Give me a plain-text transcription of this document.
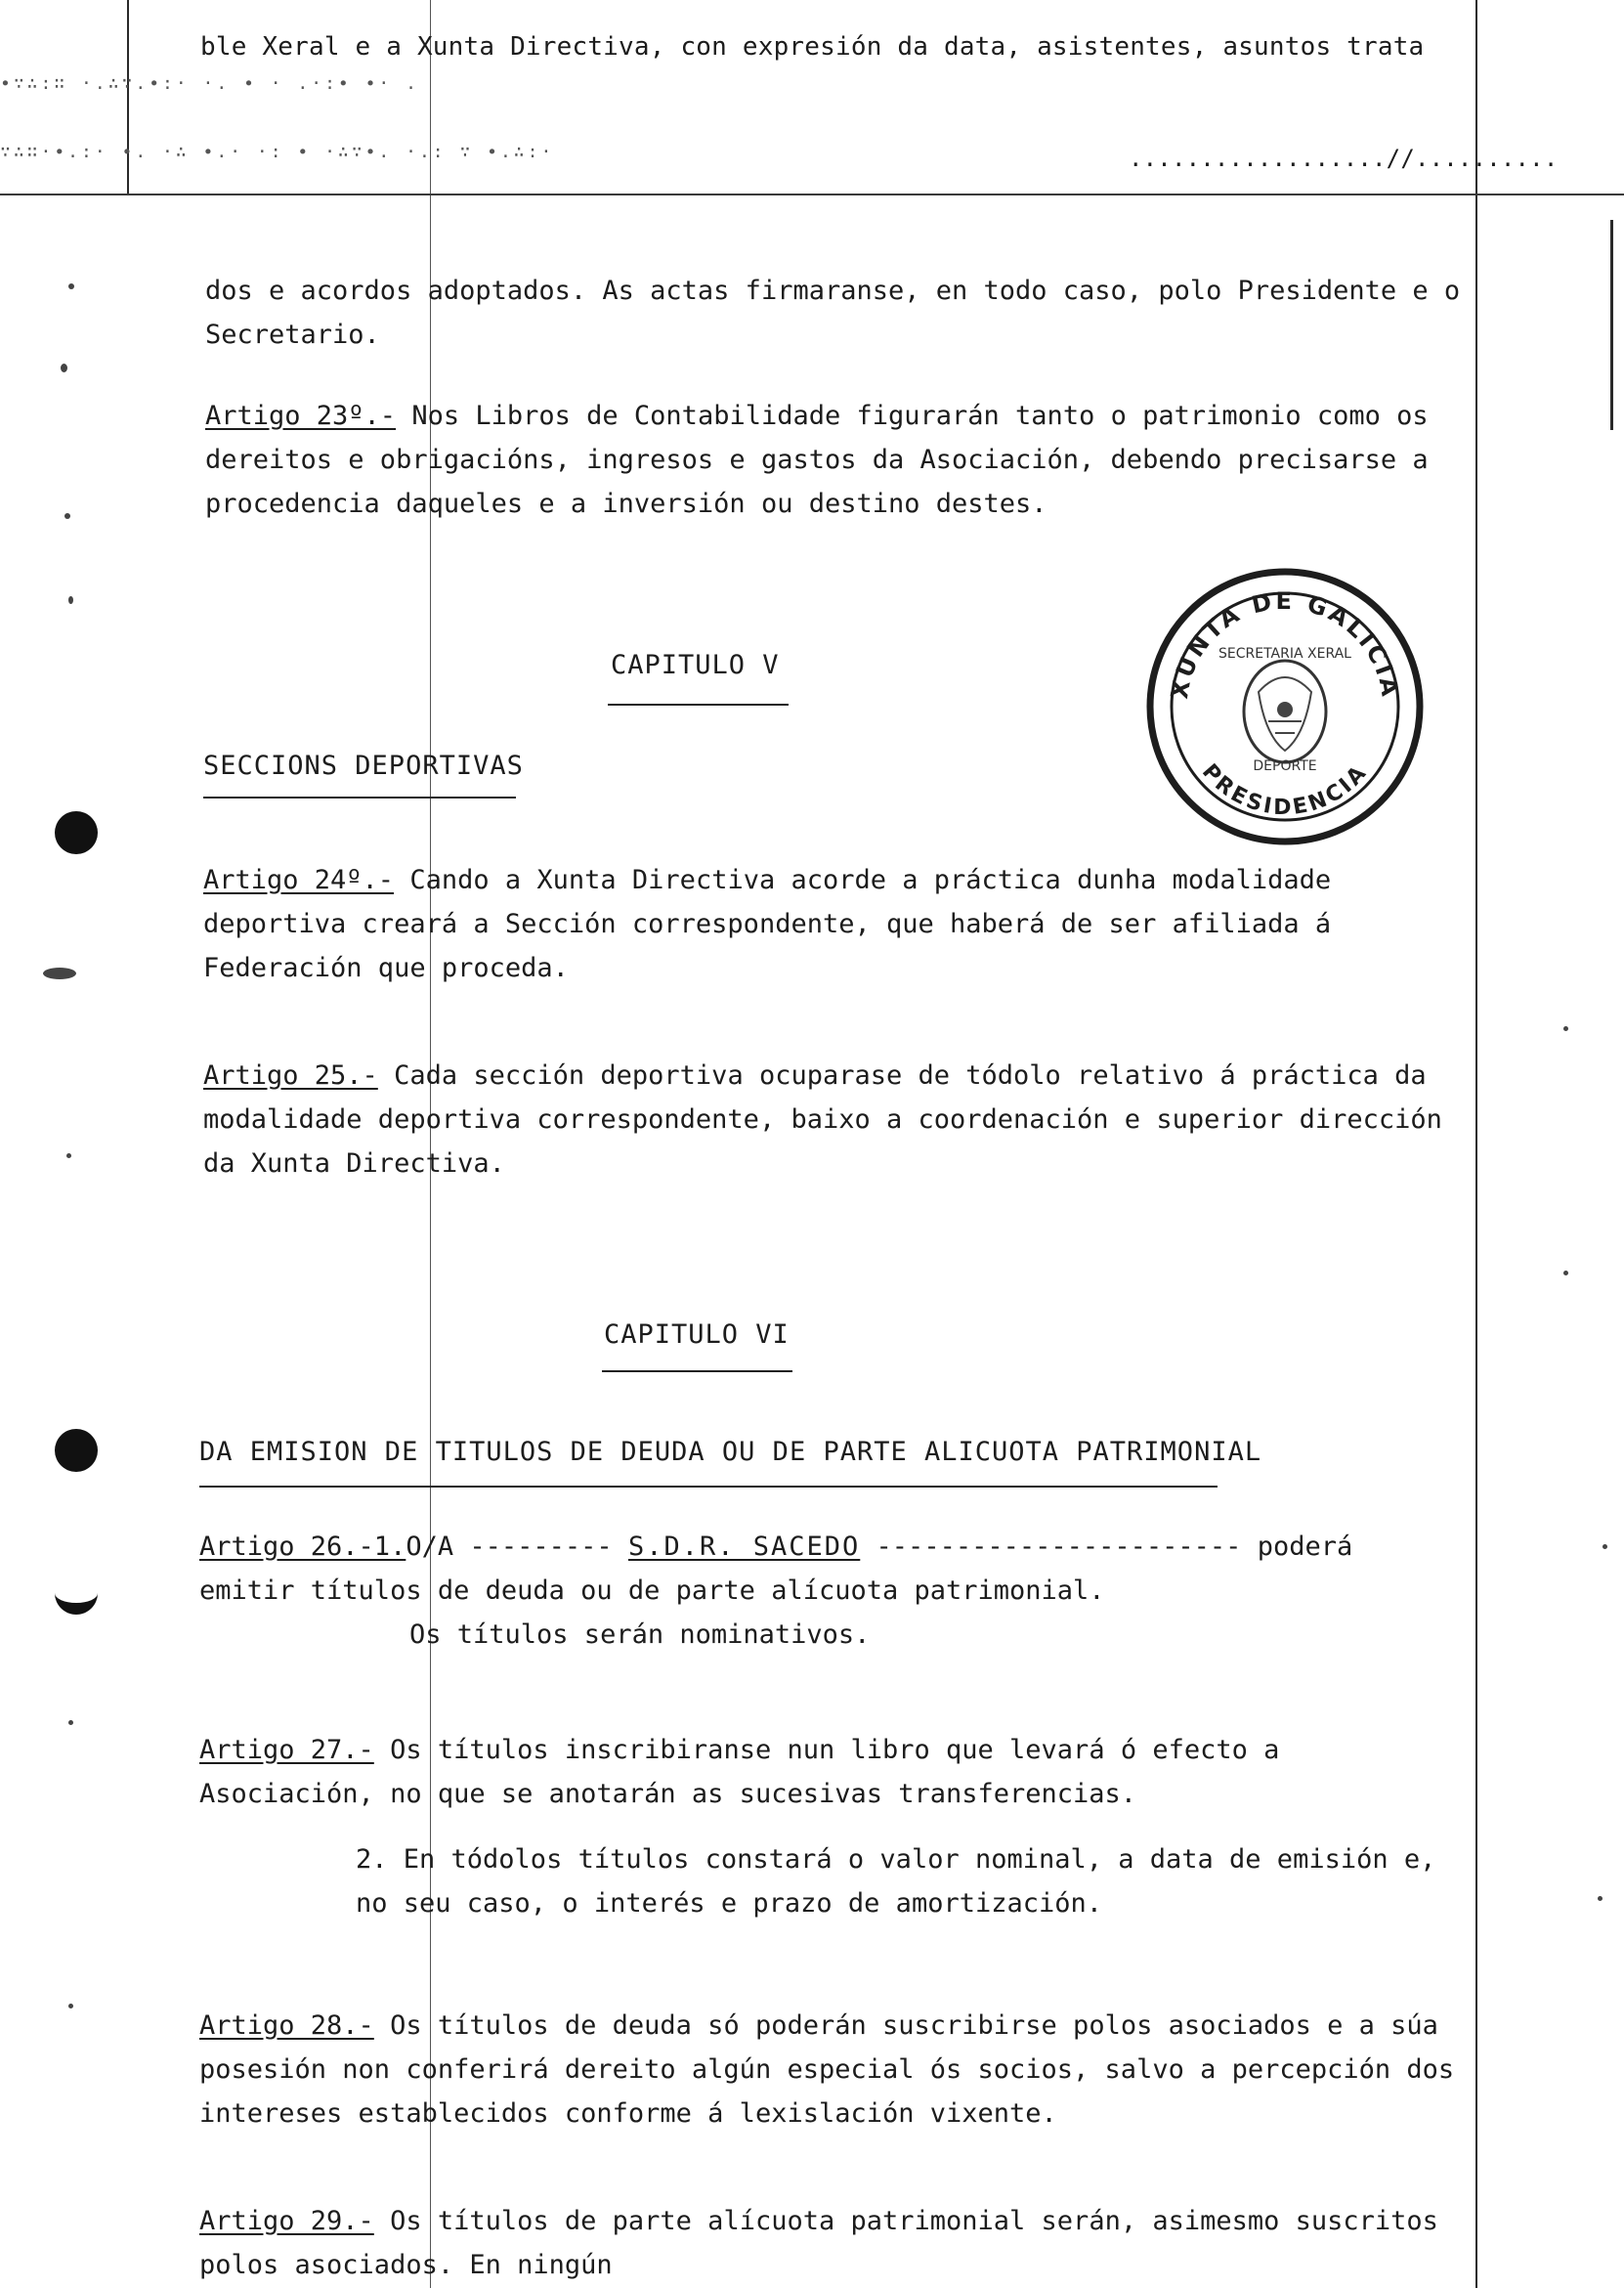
ble Xeral e a Xunta Directiva, con expresión da data, asistentes, asuntos trata
∙∵∴:∷ ·.∴∵.∙:· ·. ∙ · .·:∙ ∙· .
∵∴∷·∙.:· ∙. ·∴ ∙.· ·: ∙ ·∴∵∙. ·.: ∵ ∙.∴:·	..................//..........

dos e acordos adoptados. As actas firmaranse, en todo caso, polo Presidente e o Secretario.

Artigo 23º.- Nos Libros de Contabilidade figurarán tanto o patrimonio como os dereitos e obrigacións, ingresos e gastos da Asociación, debendo precisarse a procedencia daqueles e a inversión ou destino destes.

CAPITULO V
SECCIONS DEPORTIVAS

Artigo 24º.- Cando a Xunta Directiva acorde a práctica dunha modalidade deportiva creará a Sección correspondente, que haberá de ser afiliada á Federación que proceda.

Artigo 25.- Cada sección deportiva ocuparase de tódolo relativo á práctica da modalidade deportiva correspondente, baixo a coordenación e superior dirección da Xunta Directiva.

CAPITULO VI
DA EMISION DE TITULOS DE DEUDA OU DE PARTE ALICUOTA PATRIMONIAL

Artigo 26.-1.O/A --------- S.D.R. SACEDO ----------------------- poderá emitir títulos de deuda ou de parte alícuota patrimonial.

Os títulos serán nominativos.

Artigo 27.- Os títulos inscribiranse nun libro que levará ó efecto a Asociación, no que se anotarán as sucesivas transferencias.

2. En tódolos títulos constará o valor nominal, a data de emisión e, no seu caso, o interés e prazo de amortización.

Artigo 28.- Os títulos de deuda só poderán suscribirse polos asociados e a súa posesión non conferirá dereito algún especial ós socios, salvo a percepción dos intereses establecidos conforme á lexislación vixente.

Artigo 29.- Os títulos de parte alícuota patrimonial serán, asimesmo suscritos polos asociados. En ningún

XUNTA DE GALICIA
PRESIDENCIA
SECRETARIA XERAL
DEPORTE
